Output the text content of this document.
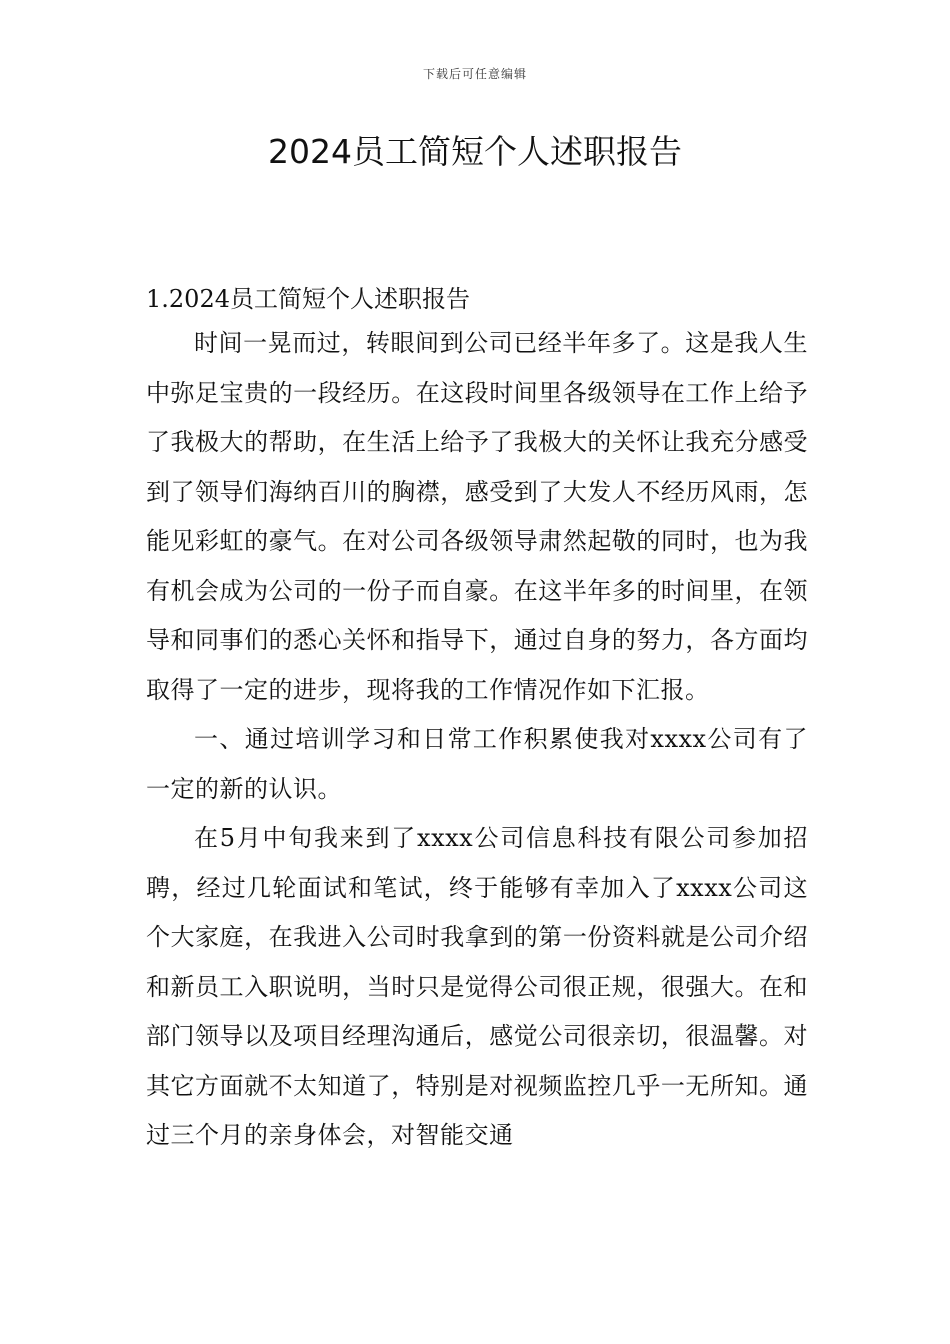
下载后可任意编辑
2024员工简短个人述职报告

1.2024员工简短个人述职报告

时间一晃而过，转眼间到公司已经半年多了。这是我人生中弥足宝贵的一段经历。在这段时间里各级领导在工作上给予了我极大的帮助，在生活上给予了我极大的关怀让我充分感受到了领导们海纳百川的胸襟，感受到了大发人不经历风雨，怎能见彩虹的豪气。在对公司各级领导肃然起敬的同时，也为我有机会成为公司的一份子而自豪。在这半年多的时间里，在领导和同事们的悉心关怀和指导下，通过自身的努力，各方面均取得了一定的进步，现将我的工作情况作如下汇报。

一、通过培训学习和日常工作积累使我对xxxx公司有了一定的新的认识。

在5月中旬我来到了xxxx公司信息科技有限公司参加招聘，经过几轮面试和笔试，终于能够有幸加入了xxxx公司这个大家庭，在我进入公司时我拿到的第一份资料就是公司介绍和新员工入职说明，当时只是觉得公司很正规，很强大。在和部门领导以及项目经理沟通后，感觉公司很亲切，很温馨。对其它方面就不太知道了，特别是对视频监控几乎一无所知。通过三个月的亲身体会，对智能交通
